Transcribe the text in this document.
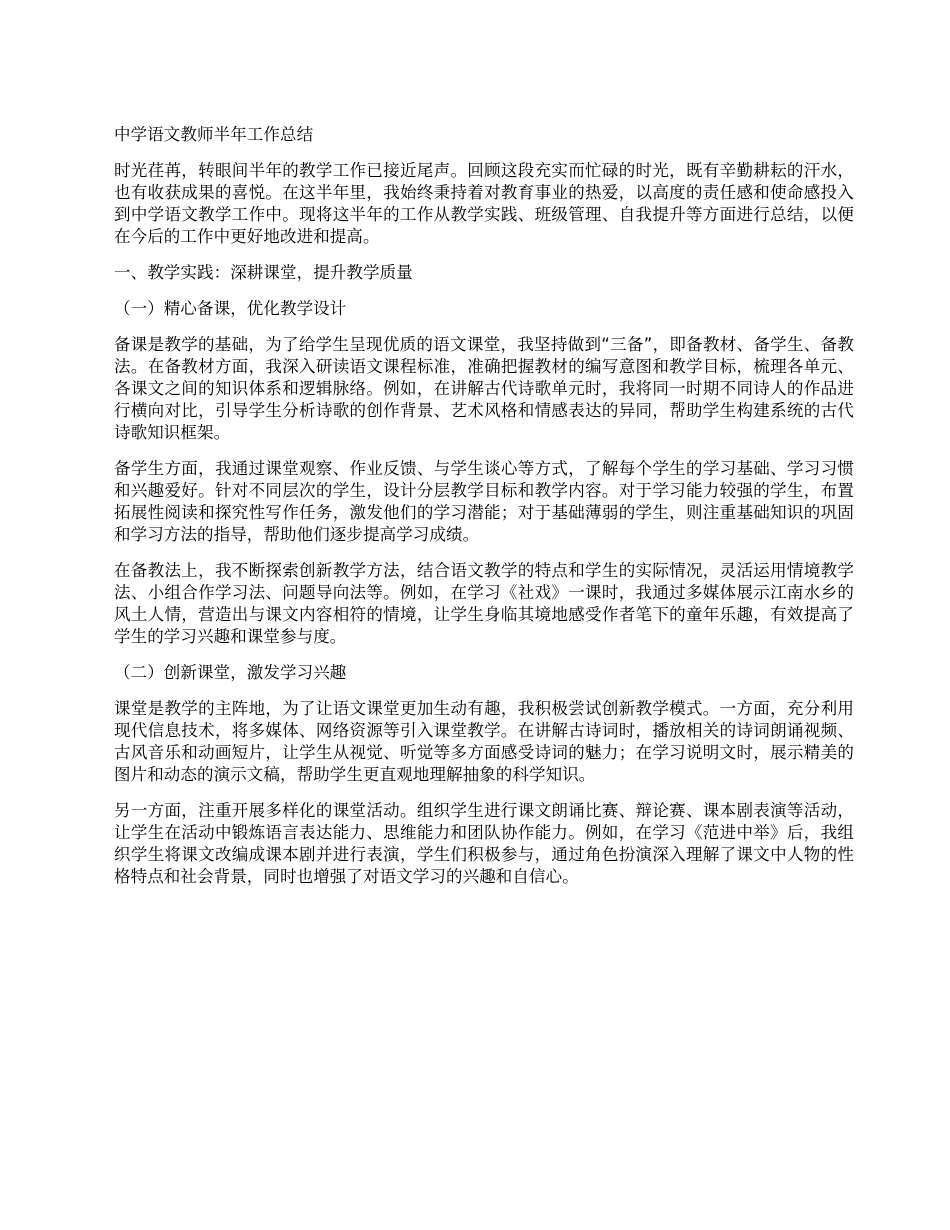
中学语文教师半年工作总结

时光荏苒，转眼间半年的教学工作已接近尾声。回顾这段充实而忙碌的时光，既有辛勤耕耘的汗水，也有收获成果的喜悦。在这半年里，我始终秉持着对教育事业的热爱，以高度的责任感和使命感投入到中学语文教学工作中。现将这半年的工作从教学实践、班级管理、自我提升等方面进行总结，以便在今后的工作中更好地改进和提高。

一、教学实践：深耕课堂，提升教学质量

（一）精心备课，优化教学设计

备课是教学的基础，为了给学生呈现优质的语文课堂，我坚持做到“三备”，即备教材、备学生、备教法。在备教材方面，我深入研读语文课程标准，准确把握教材的编写意图和教学目标，梳理各单元、各课文之间的知识体系和逻辑脉络。例如，在讲解古代诗歌单元时，我将同一时期不同诗人的作品进行横向对比，引导学生分析诗歌的创作背景、艺术风格和情感表达的异同，帮助学生构建系统的古代诗歌知识框架。

备学生方面，我通过课堂观察、作业反馈、与学生谈心等方式，了解每个学生的学习基础、学习习惯和兴趣爱好。针对不同层次的学生，设计分层教学目标和教学内容。对于学习能力较强的学生，布置拓展性阅读和探究性写作任务，激发他们的学习潜能；对于基础薄弱的学生，则注重基础知识的巩固和学习方法的指导，帮助他们逐步提高学习成绩。

在备教法上，我不断探索创新教学方法，结合语文教学的特点和学生的实际情况，灵活运用情境教学法、小组合作学习法、问题导向法等。例如，在学习《社戏》一课时，我通过多媒体展示江南水乡的风土人情，营造出与课文内容相符的情境，让学生身临其境地感受作者笔下的童年乐趣，有效提高了学生的学习兴趣和课堂参与度。

（二）创新课堂，激发学习兴趣

课堂是教学的主阵地，为了让语文课堂更加生动有趣，我积极尝试创新教学模式。一方面，充分利用现代信息技术，将多媒体、网络资源等引入课堂教学。在讲解古诗词时，播放相关的诗词朗诵视频、古风音乐和动画短片，让学生从视觉、听觉等多方面感受诗词的魅力；在学习说明文时，展示精美的图片和动态的演示文稿，帮助学生更直观地理解抽象的科学知识。

另一方面，注重开展多样化的课堂活动。组织学生进行课文朗诵比赛、辩论赛、课本剧表演等活动，让学生在活动中锻炼语言表达能力、思维能力和团队协作能力。例如，在学习《范进中举》后，我组织学生将课文改编成课本剧并进行表演，学生们积极参与，通过角色扮演深入理解了课文中人物的性格特点和社会背景，同时也增强了对语文学习的兴趣和自信心。
